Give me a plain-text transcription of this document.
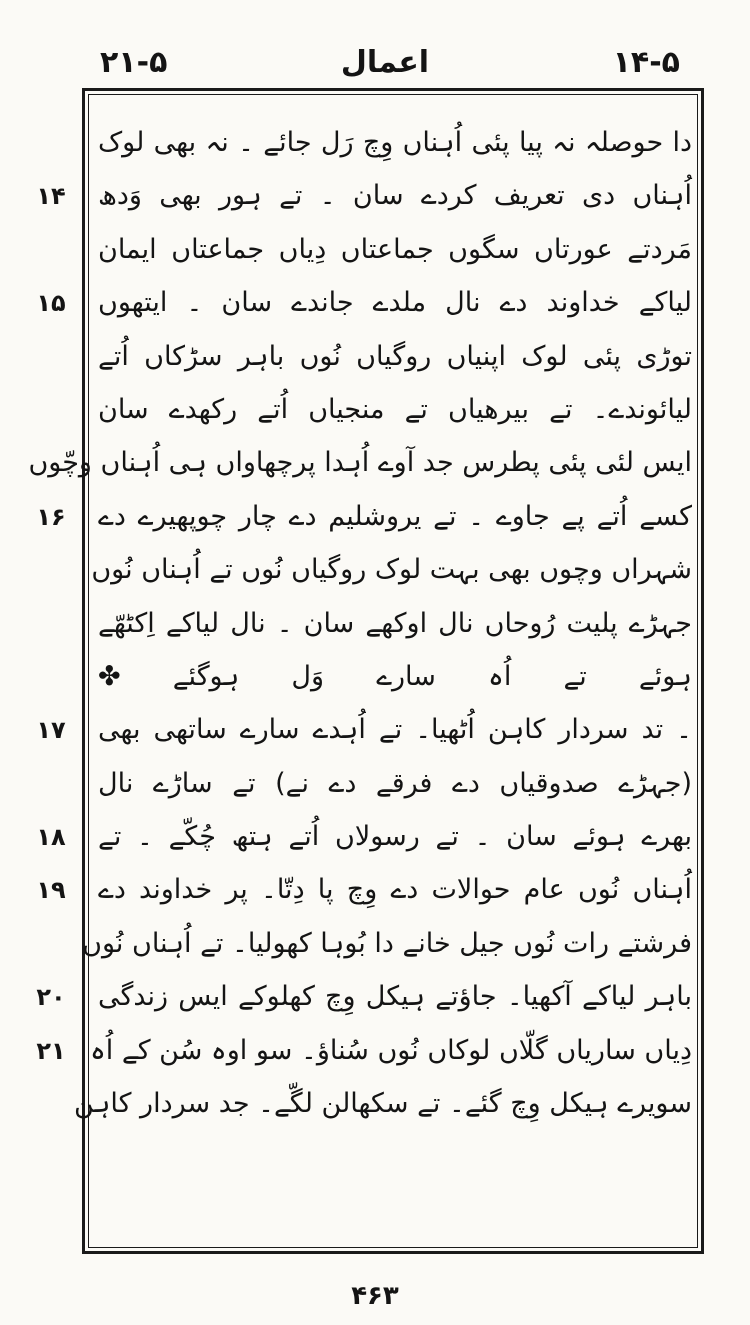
۲۱-۵	اعمال	۱۴-۵
۱۴
۱۵
۱۶
۱۷
۱۸
۱۹
۲۰
۲۱
دا حوصلہ نہ پیا پئی اُہناں وِچ رَل جائے ۔ نہ بھی لوک
اُہناں دی تعریف کردے سان ۔ تے ہور بھی وَدھ
مَردتے عورتاں سگوں جماعتاں دِیاں جماعتاں ایمان
لیاکے خداوند دے نال ملدے جاندے سان ۔ ایتھوں
توڑی پئی لوک اپنیاں روگیاں نُوں باہر سڑکاں اُتے
لیائوندے۔ تے بیرھیاں تے منجیاں اُتے رکھدے سان
ایس لئی پئی پطرس جد آوے اُہدا پرچھاواں ہی اُہناں وچّوں
کسے اُتے پے جاوے ۔ تے یروشلیم دے چار چوپھیرے دے
شہراں وچوں بھی بہت لوک روگیاں نُوں تے اُہناں نُوں
جہڑے پلیت رُوحاں نال اوکھے سان ۔ نال لیاکے اِکٹھّے
ہوئے تے اُہ سارے وَل ہوگئے ✤
۔ تد سردار کاہن اُٹھیا۔ تے اُہدے سارے ساتھی بھی
(جہڑے صدوقیاں دے فرقے دے نے) تے ساڑے نال
بھرے ہوئے سان ۔ تے رسولاں اُتے ہتھ چُکّے ۔ تے
اُہناں نُوں عام حوالات دے وِچ پا دِتّا۔ پر خداوند دے
فرشتے رات نُوں جیل خانے دا بُوہا کھولیا۔ تے اُہناں نُوں
باہر لیاکے آکھیا۔ جاؤتے ہیکل وِچ کھلوکے ایس زندگی
دِیاں ساریاں گلّاں لوکاں نُوں سُناؤ۔ سو اوہ سُن کے اُہ
سویرے ہیکل وِچ گئے۔ تے سکھالن لگّے۔ جد سردار کاہن
۴۶۳
